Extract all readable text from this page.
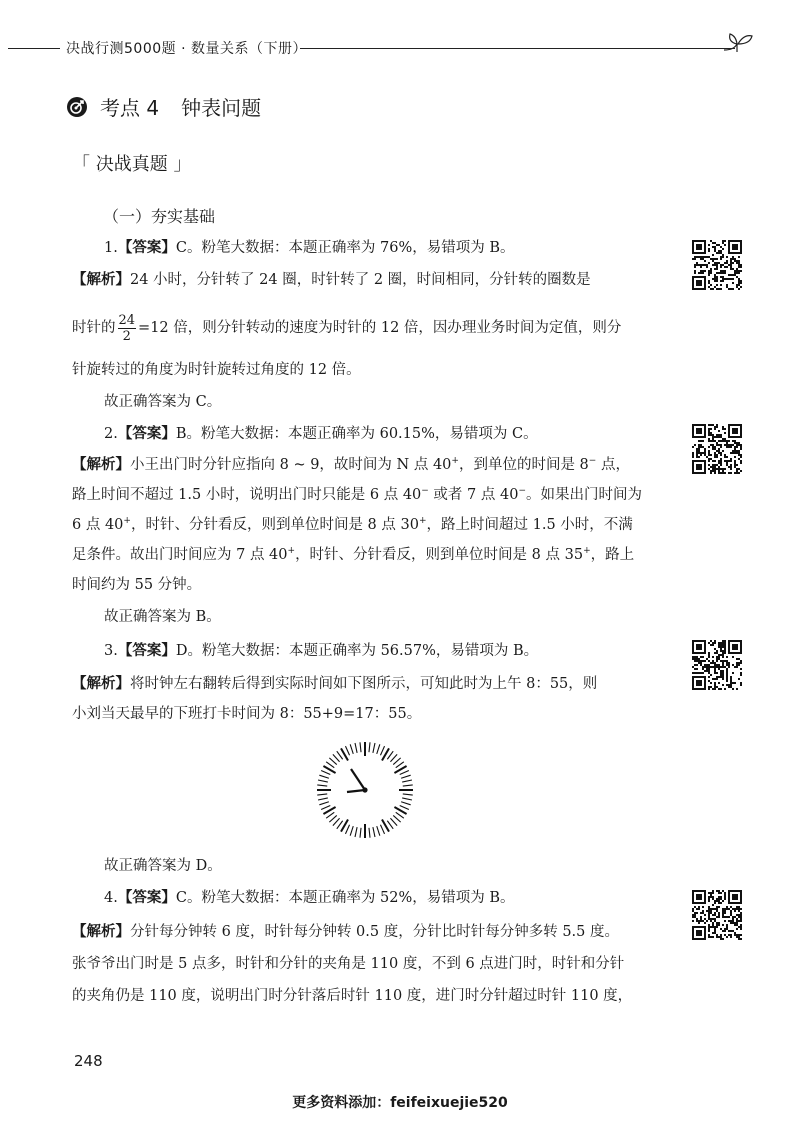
决战行测5000题 · 数量关系（下册）
考点 4 钟表问题
「 决战真题 」
（一）夯实基础
1.【答案】C。粉笔大数据：本题正确率为 76%，易错项为 B。
【解析】24 小时，分针转了 24 圈，时针转了 2 圈，时间相同，分针转的圈数是
时针的 $\frac{24}{2} =12$ 倍，则分针转动的速度为时针的 12 倍，因办理业务时间为定值，则分
针旋转过的角度为时针旋转过角度的 12 倍。
故正确答案为 C。
2.【答案】B。粉笔大数据：本题正确率为 60.15%，易错项为 C。
【解析】小王出门时分针应指向 8 ~ 9，故时间为 N 点 40+，到单位的时间是 8− 点，
路上时间不超过 1.5 小时，说明出门时只能是 6 点 40− 或者 7 点 40−。如果出门时间为
6 点 40+，时针、分针看反，则到单位时间是 8 点 30+，路上时间超过 1.5 小时，不满
足条件。故出门时间应为 7 点 40+，时针、分针看反，则到单位时间是 8 点 35+，路上
时间约为 55 分钟。
故正确答案为 B。
3.【答案】D。粉笔大数据：本题正确率为 56.57%，易错项为 B。
【解析】将时钟左右翻转后得到实际时间如下图所示，可知此时为上午 8：55，则
小刘当天最早的下班打卡时间为 8：55+9=17：55。
故正确答案为 D。
4.【答案】C。粉笔大数据：本题正确率为 52%，易错项为 B。
【解析】分针每分钟转 6 度，时针每分钟转 0.5 度，分针比时针每分钟多转 5.5 度。
张爷爷出门时是 5 点多，时针和分针的夹角是 110 度，不到 6 点进门时，时针和分针
的夹角仍是 110 度，说明出门时分针落后时针 110 度，进门时分针超过时针 110 度，
248
更多资料添加：feifeixuejie520
